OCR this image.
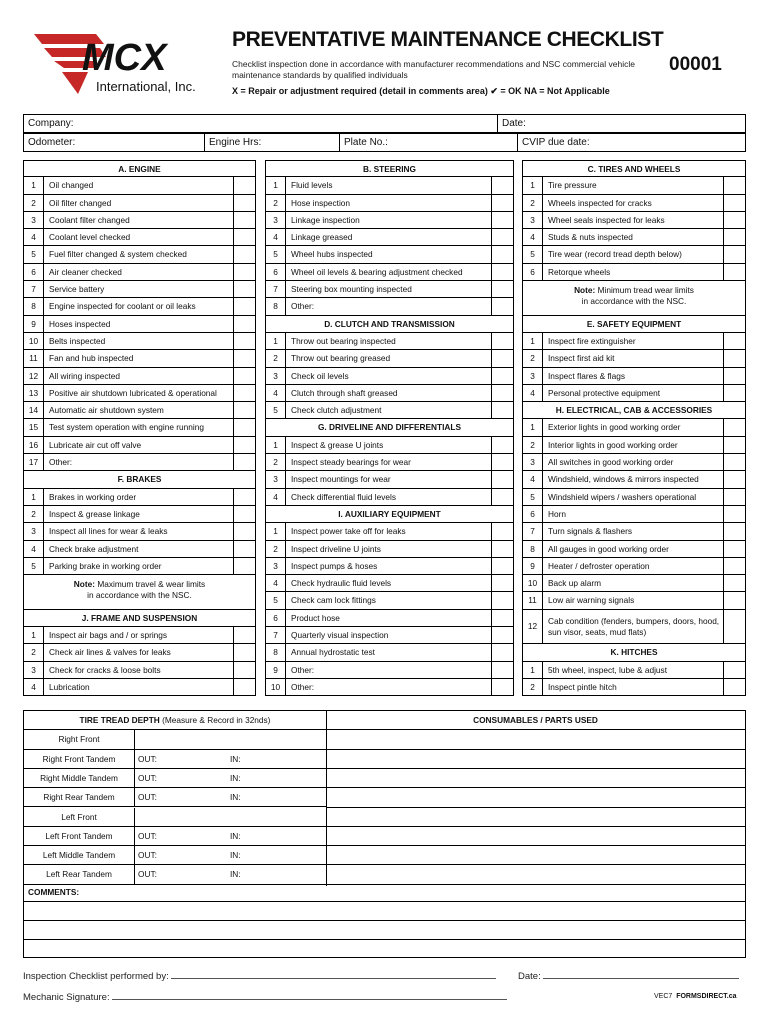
MCX
International, Inc.
PREVENTATIVE MAINTENANCE CHECKLIST
00001
Checklist inspection done in accordance with manufacturer recommendations and NSC commercial vehicle maintenance standards by qualified individuals
X = Repair or adjustment required (detail in comments area) ✔ = OK NA = Not Applicable
Company:	Date:
Odometer:	Engine Hrs:	Plate No.:	CVIP due date:
A. ENGINE
1	Oil changed
2	Oil filter changed
3	Coolant filter changed
4	Coolant level checked
5	Fuel filter changed & system checked
6	Air cleaner checked
7	Service battery
8	Engine inspected for coolant or oil leaks
9	Hoses inspected
10	Belts inspected
11	Fan and hub inspected
12	All wiring inspected
13	Positive air shutdown lubricated & operational
14	Automatic air shutdown system
15	Test system operation with engine running
16	Lubricate air cut off valve
17	Other:
F. BRAKES
1	Brakes in working order
2	Inspect & grease linkage
3	Inspect all lines for wear & leaks
4	Check brake adjustment
5	Parking brake in working order
Note: Maximum travel & wear limits
in accordance with the NSC.
J. FRAME AND SUSPENSION
1	Inspect air bags and / or springs
2	Check air lines & valves for leaks
3	Check for cracks & loose bolts
4	Lubrication
B. STEERING
1	Fluid levels
2	Hose inspection
3	Linkage inspection
4	Linkage greased
5	Wheel hubs inspected
6	Wheel oil levels & bearing adjustment checked
7	Steering box mounting inspected
8	Other:
D. CLUTCH AND TRANSMISSION
1	Throw out bearing inspected
2	Throw out bearing greased
3	Check oil levels
4	Clutch through shaft greased
5	Check clutch adjustment
G. DRIVELINE AND DIFFERENTIALS
1	Inspect & grease U joints
2	Inspect steady bearings for wear
3	Inspect mountings for wear
4	Check differential fluid levels
I. AUXILIARY EQUIPMENT
1	Inspect power take off for leaks
2	Inspect driveline U joints
3	Inspect pumps & hoses
4	Check hydraulic fluid levels
5	Check cam lock fittings
6	Product hose
7	Quarterly visual inspection
8	Annual hydrostatic test
9	Other:
10	Other:
C. TIRES AND WHEELS
1	Tire pressure
2	Wheels inspected for cracks
3	Wheel seals inspected for leaks
4	Studs & nuts inspected
5	Tire wear (record tread depth below)
6	Retorque wheels
Note: Minimum tread wear limits
in accordance with the NSC.
E. SAFETY EQUIPMENT
1	Inspect fire extinguisher
2	Inspect first aid kit
3	Inspect flares & flags
4	Personal protective equipment
H. ELECTRICAL, CAB & ACCESSORIES
1	Exterior lights in good working order
2	Interior lights in good working order
3	All switches in good working order
4	Windshield, windows & mirrors inspected
5	Windshield wipers / washers operational
6	Horn
7	Turn signals & flashers
8	All gauges in good working order
9	Heater / defroster operation
10	Back up alarm
11	Low air warning signals
12	Cab condition (fenders, bumpers, doors, hood, sun visor, seats, mud flats)
K. HITCHES
1	5th wheel, inspect, lube & adjust
2	Inspect pintle hitch
TIRE TREAD DEPTH (Measure & Record in 32nds)	CONSUMABLES / PARTS USED
Right Front
Right Front Tandem	OUT:	IN:
Right Middle Tandem	OUT:	IN:
Right Rear Tandem	OUT:	IN:
Left Front
Left Front Tandem	OUT:	IN:
Left Middle Tandem	OUT:	IN:
Left Rear Tandem	OUT:	IN:
COMMENTS:
Inspection Checklist performed by:	Date:
Mechanic Signature:	VEC7 FORMSDIRECT.ca
